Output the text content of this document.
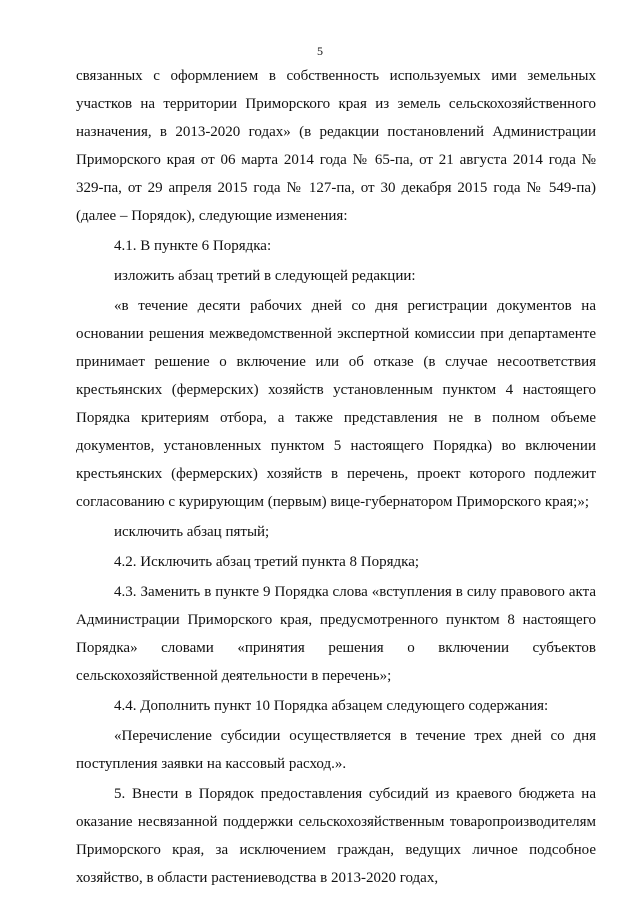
5

связанных с оформлением в собственность используемых ими земельных участков на территории Приморского края из земель сельскохозяйственного назначения, в 2013-2020 годах» (в редакции постановлений Администрации Приморского края от 06 марта 2014 года № 65-па, от 21 августа 2014 года № 329-па, от 29 апреля 2015 года № 127-па, от 30 декабря 2015 года № 549-па) (далее – Порядок), следующие изменения:

4.1. В пункте 6 Порядка:

изложить абзац третий в следующей редакции:

«в течение десяти рабочих дней со дня регистрации документов на основании решения межведомственной экспертной комиссии при департаменте принимает решение о включение или об отказе (в случае несоответствия крестьянских (фермерских) хозяйств установленным пунктом 4 настоящего Порядка критериям отбора, а также представления не в полном объеме документов, установленных пунктом 5 настоящего Порядка) во включении крестьянских (фермерских) хозяйств в перечень, проект которого подлежит согласованию с курирующим (первым) вице-губернатором Приморского края;»;

исключить абзац пятый;

4.2. Исключить абзац третий пункта 8 Порядка;

4.3. Заменить в пункте 9 Порядка слова «вступления в силу правового акта Администрации Приморского края, предусмотренного пунктом 8 настоящего Порядка» словами «принятия решения о включении субъектов сельскохозяйственной деятельности в перечень»;

4.4. Дополнить пункт 10 Порядка абзацем следующего содержания:

«Перечисление субсидии осуществляется в течение трех дней со дня поступления заявки на кассовый расход.».

5. Внести в Порядок предоставления субсидий из краевого бюджета на оказание несвязанной поддержки сельскохозяйственным товаропроизводителям Приморского края, за исключением граждан, ведущих личное подсобное хозяйство, в области растениеводства в 2013-2020 годах,
